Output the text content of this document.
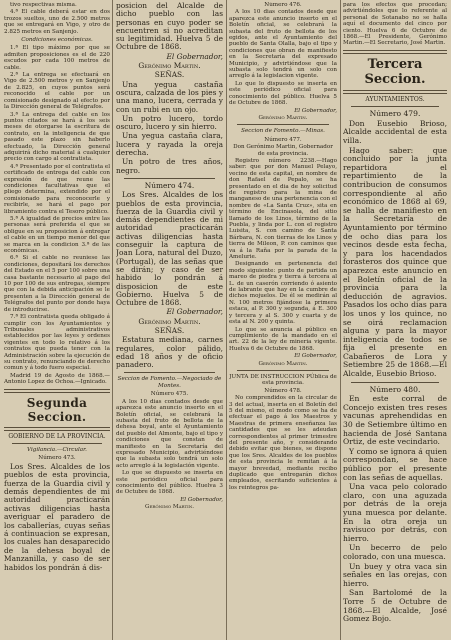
tivo respectivas misma.

4.ª El cable deberá estar en dos trozos sueltos, uno de 2.500 metros que se entregará en Vigo, y otro de 2.825 metros en Sanjenjo.

Condiciones económicas.

1.ª El tipo máximo por que se admiten proposiciones es el de 220 escudos por cada 100 metros de cable.

2.ª La entrega se efectuará en Vigo de 2.500 metros y en Sanjenjo de 2.825, en cuyos puntos será reconocido el cable por un comisionado designado al efecto por la Dirección general de Telégrafos.

3.ª La entrega del cable en los puntos citados se hará á los seis meses de otorgarse la escritura de contrato, en la inteligencia de que pasado este plazo sin haberlo efectuado, la Dirección general adquirirá dicho material á cualquier precio con cargo al contratista.

4.ª Presentado por el contratista el certificado de entrega del cable con expresión de que reune las condiciones facultativas que el pliego determina, extendido por el comisionado para reconocerle y recibirle, se hará el pago por libramiento contra el Tesoro público.

5.ª A igualdad de precios entre las personas será preferida el que se obligue en su proposicion á entregar el cable en un tiempo menor del que se marca en la condicion 3.ª de las económicas.

6.ª Si el cable no reuniese las condiciones, depositará los derechos del Estado en el 5 por 100 sobre una casa bastante necesario al pago del 10 por 100 de sus entregas, siempre que con la debida anticipación se le presenten a la Dirección general de Telégrafos del punto por donde haya de introducirse.

7.ª El contratista queda obligado á cumplir con los Ayuntamientos y Tribunales administrativos establecidos por las leyes y ordenes vigentes en todo lo relativo á los contratos que pueda tener con la Administración sobre la ejecución de su contrato, renunciando de derecho comun y á todo fuero especial.

Madrid 19 de Agosto de 1868.— Antonio Lopez de Ochoa.—Ignicado.

Segunda Seccion.
GOBIERNO DE LA PROVINCIA.

Vigilancia.—Circular.

Número 473.

Los Sres. Alcaldes de los pueblos de esta provincia, fuerza de la Guardia civil y demás dependientes de mi autoridad practicarán activas diligencias hasta averiguar el paradero de los caballerías, cuyas señas á continuacion se expresan, los cuales han desaparecido de la dehesa boyal de Manzanilla, y caso de ser habidos los pondrán á dis-

posicion del Alcalde de dicho pueblo con las personas en cuyo poder se encuentren si no acreditan su legitimidad. Huelva 5 de Octubre de 1868.

El Gobernador,

Gerónimo Martin.

SEÑAS.

Una yegua castaña oscura, calzada de los pies y una mano, lucera, cerrada y con un rubi en un ojo.

Un potro lucero, tordo oscuro, lucero y sin hierro.

Una yegua castaña clara, lucera y rayada la oreja derecha.

Un potro de tres años, negro.

Número 474.

Los Sres. Alcaldes de los pueblos de esta provincia, fuerza de la Guardia civil y demás dependientes de mi autoridad practicarán activas diligencias hasta conseguir la captura de Joan Lora, natural del Duzo, (Portugal), de las señas que se dirán; y caso de ser habido lo pondrán á disposicion de este Gobierno. Huelva 5 de Octubre de 1868.

El Gobernador,

Gerónimo Martin.

SEÑAS.

Estatura mediana, carnes regulares, color pálido, edad 18 años y de oficio panadero.

Seccion de Fomento.—Negociado de Montes.

Número 475.

A los 10 dias contados desde que aparezca este anuncio inserto en el Boletín oficial, se celebrará la subasta del fruto de bellota de la dehesa boyal, ante el Ayuntamiento del pueblo del Almonte, bajo el tipo y condiciones que constan de manifiesto en la Secretaría del expresado Municipio, advirtiéndose que la subasta solo tendrá un solo acto arreglo á la legislación vigente.

Lo que se dispuesto se inserta en este periódico oficial para conocimiento del público. Huelva 3 de Octubre de 1868.

El Gobernador,

Gerónimo Martin.

Número 476.

A los 10 dias contados desde que aparezca este anuncio inserto en el Boletín oficial, se celebrará la subasta del fruto de bellota de los egidos, ante el Ayuntamiento del pueblo de Santa Olalla, bajo el tipo y condiciones que obran de manifiesto en la Secretaría del expresado Municipio, y advirtiéndose que la subasta solo tendrá un solo con arreglo á la legislacion vigente.

Lo que lo dispuesto se inserta en este periódico oficial para conocimiento del público. Huelva 5 de Octubre de 1868.

El Gobernador,

Gerónimo Martin.

Seccion de Fomento.—Minas.

Número 477.

Don Gerónimo Martin, Gobernador de esta provincia.

Registro número 2238.—Hago saber: que por don Manuel Pelayo, vecino de esta capital, en nombre de don Rafael de Pepalo, se ha presentado en el dia de hoy solicitud de registro para la mina de manganeso de una pertenencia con el nombre de «La Santa Cruz», sita en término de Encinasola, del sitio llamado de los Linos, término de la Puebla, y linda por L. con el registro Luisita, S. con camino de Santa Bárbara, N. con tierras de los Linos y tierra de Mileon, P. con caminos que va á la Raña por la parada de la Amelurie.

Designando en pertenencia del modo siguiente: punto de partida un mareo de piedra y tierra á tercera al L. de un caserón corriendo ó asiento de labrante que hay en la cumbre de dichos mojuelos. De él se medirán al N. 100 metros fijándose la primera estaca, al P. 300 y segunda, á E. 300 y tercera y al S. 300 y cuarta y de esta al N. 200 y quinta.

Lo que se anuncia al público en cumplimiento de la mandado en el art. 22 de la ley de mineria vigente. Huelva 6 de Octubre de 1868.

El Gobernador,

Gerónimo Martin.

JUNTA DE INSTRUCCION PÚblica de esta provincia.

Número 478.

No comprendidos en la circular de 3 del actual, inserta en el Boletín del 5 del mismo, el modo como se ha de efectuar el pago á los Maestros y Maestras de primera enseñanza las cantidades que se les adeudan correspondientes al primer trimestre del presente año, y considerando debido evitar que bienes, se dispone que los Sres. Alcaldes de los pueblos de esta provincia le remitan á la mayor brevedad, mediante recibo duplicado que entregarán dichos empleados, escritando suficientes á los reintegros pa-

para los efectos que procedan; advirtiéndoles que lo referente al personal de Sotanabo no se halla aquí el documento del cinco por ciento. Huelva 6 de Octubre de 1868.—El Presidente, Gerónimo Martin.—El Secretario, José Martin.

Tercera Seccion.
AYUNTAMIENTOS.

Número 479.

Don Eusebio Brioso, Alcalde accidental de esta villa.

Hago saber: que concluido por la junta repartidora el repartimiento de la contribucion de consumos correspondiente al año económico de 1868 al 69, se halla de manifiesto en la Secretaría de Ayuntamiento por término de ocho dias para los vecinos desde esta fecha, y para los hacendados forasteros dos quince que aparezca este anuncio en el Boletín oficial de la provincia para la deducción de agravios. Pasados los ocho dias para los unos y los quince, no se oirá reclamacion alguna y para la mayor inteligencia de todos se fija el presente en Cabañeros de Lora y Setiembre 25 de 1868.—El Alcalde, Eusebio Brioso.

Número 480.

En este corral de Concejo existen tres reses vacunas aprehendidas en 30 de Setiembre último en hacienda de José Santana Ortiz, de este vecindario.

Y como se ignora á quien correspondan, se hace público por el presente con las señas de aquellas.

Una vaca pelo colorado claro, con una aguzada por detrás de la oreja yuna muesca por delante. En la otra oreja un ravisuco por detrás, con hierro.

Un becerro de pelo colorado, con una muesca.

Un buey y otra vaca sin señales en las orejas, con hierro.

San Bartolomé de la Torre 5 de Octubre de 1868.—El Alcalde, José Gomez Bojo.
